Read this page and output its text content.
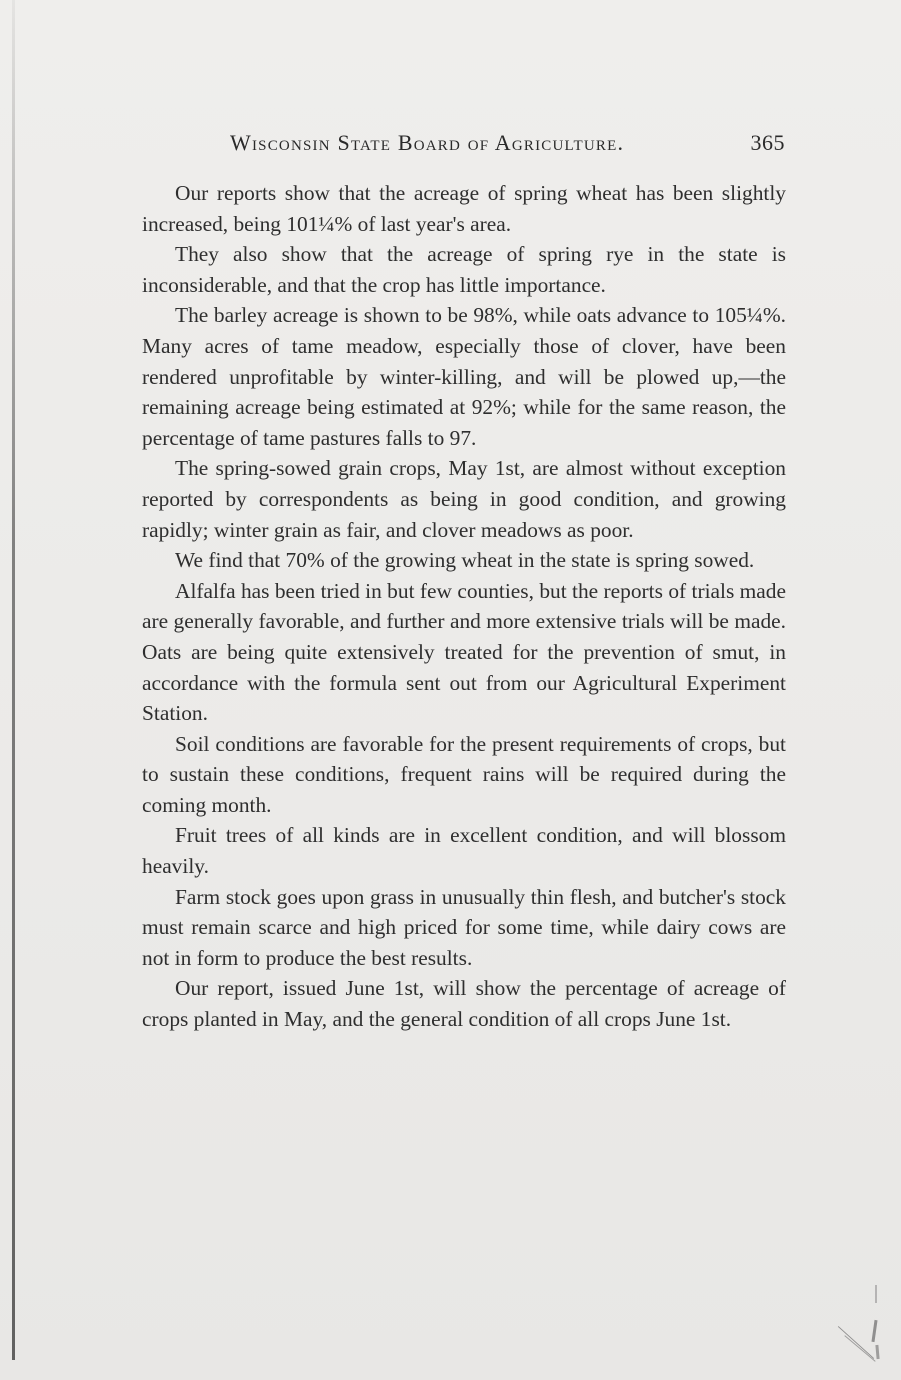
Wisconsin State Board of Agriculture.	365

Our reports show that the acreage of spring wheat has been slightly increased, being 101¼% of last year's area.

They also show that the acreage of spring rye in the state is inconsiderable, and that the crop has little importance.

The barley acreage is shown to be 98%, while oats advance to 105¼%. Many acres of tame meadow, especially those of clover, have been rendered unprofitable by winter-killing, and will be plowed up,—the remaining acreage being estimated at 92%; while for the same reason, the percentage of tame pastures falls to 97.

The spring-sowed grain crops, May 1st, are almost without exception reported by correspondents as being in good condition, and growing rapidly; winter grain as fair, and clover meadows as poor.

We find that 70% of the growing wheat in the state is spring sowed.

Alfalfa has been tried in but few counties, but the reports of trials made are generally favorable, and further and more extensive trials will be made. Oats are being quite extensively treated for the prevention of smut, in accordance with the formula sent out from our Agricultural Experiment Station.

Soil conditions are favorable for the present requirements of crops, but to sustain these conditions, frequent rains will be required during the coming month.

Fruit trees of all kinds are in excellent condition, and will blossom heavily.

Farm stock goes upon grass in unusually thin flesh, and butcher's stock must remain scarce and high priced for some time, while dairy cows are not in form to produce the best results.

Our report, issued June 1st, will show the percentage of acreage of crops planted in May, and the general condition of all crops June 1st.
